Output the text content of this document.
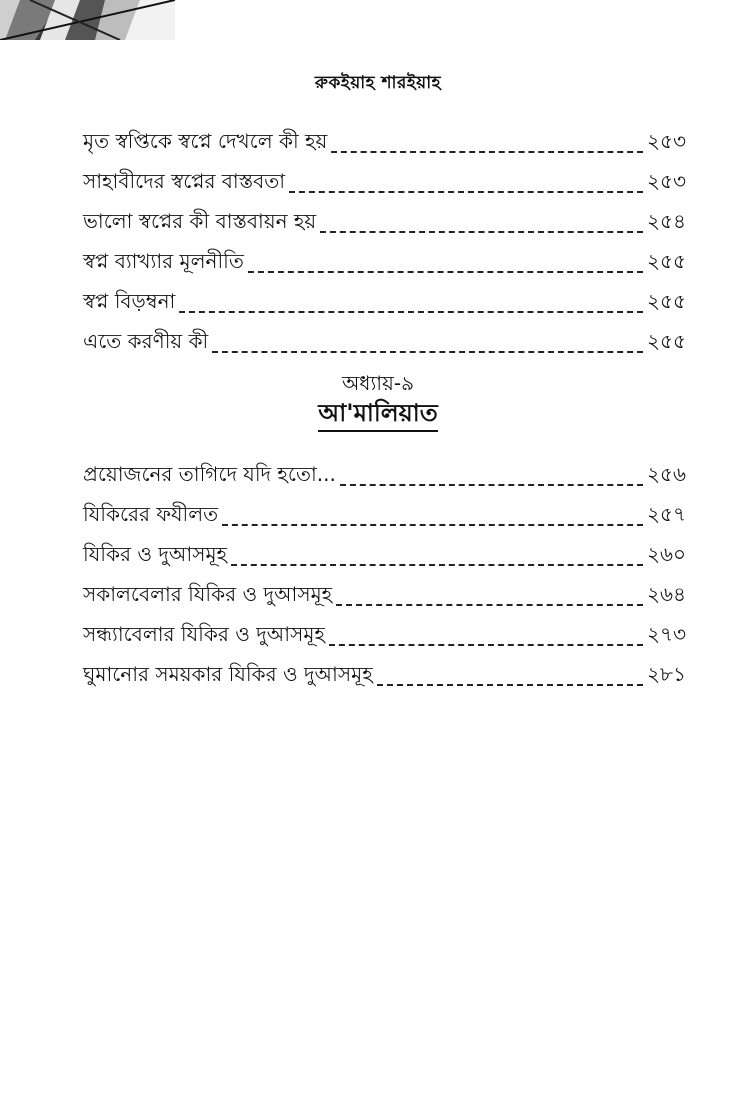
রুকইয়াহ শারইয়াহ
মৃত স্বপ্তিকে স্বপ্নে দেখলে কী হয়	২৫৩
সাহাবীদের স্বপ্নের বাস্তবতা	২৫৩
ভালো স্বপ্নের কী বাস্তবায়ন হয়	২৫৪
স্বপ্ন ব্যাখ্যার মূলনীতি	২৫৫
স্বপ্ন বিড়ম্বনা	২৫৫
এতে করণীয় কী	২৫৫
অধ্যায়-৯
আ'মালিয়াত
প্রয়োজনের তাগিদে যদি হতো...	২৫৬
যিকিরের ফযীলত	২৫৭
যিকির ও দুআসমূহ	২৬০
সকালবেলার যিকির ও দুআসমূহ	২৬৪
সন্ধ্যাবেলার যিকির ও দুআসমূহ	২৭৩
ঘুমানোর সময়কার যিকির ও দুআসমূহ	২৮১
